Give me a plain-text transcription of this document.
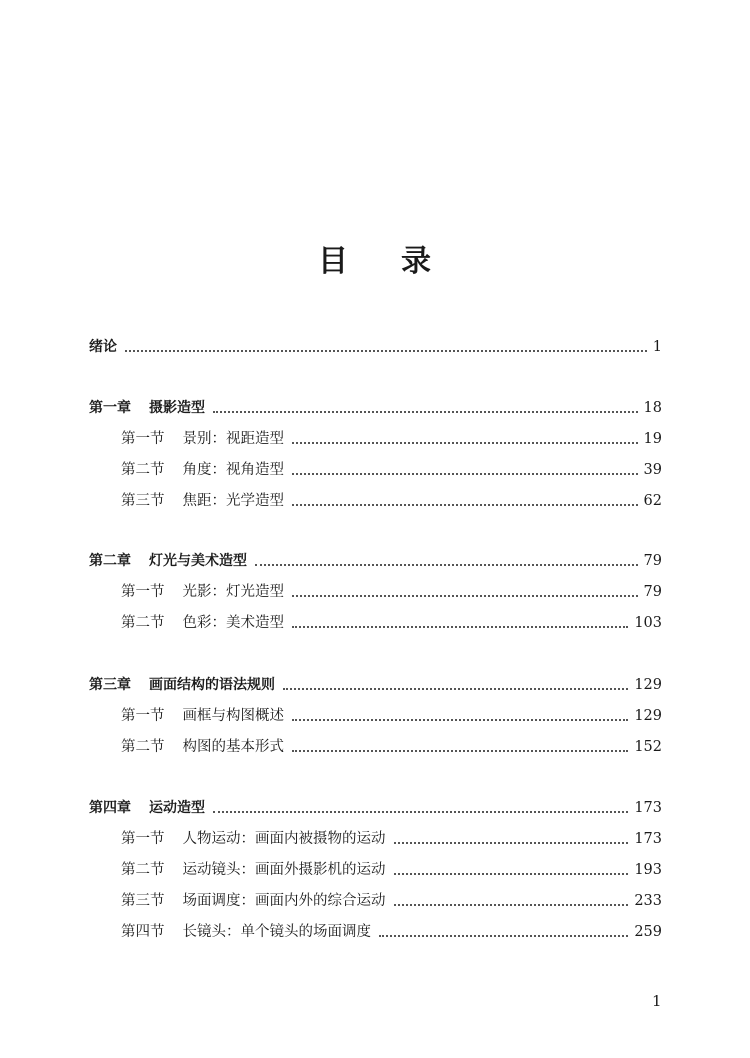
目 录
绪论	1
第一章 摄影造型	18
第一节 景别：视距造型	19
第二节 角度：视角造型	39
第三节 焦距：光学造型	62
第二章 灯光与美术造型	79
第一节 光影：灯光造型	79
第二节 色彩：美术造型	103
第三章 画面结构的语法规则	129
第一节 画框与构图概述	129
第二节 构图的基本形式	152
第四章 运动造型	173
第一节 人物运动：画面内被摄物的运动	173
第二节 运动镜头：画面外摄影机的运动	193
第三节 场面调度：画面内外的综合运动	233
第四节 长镜头：单个镜头的场面调度	259
1
